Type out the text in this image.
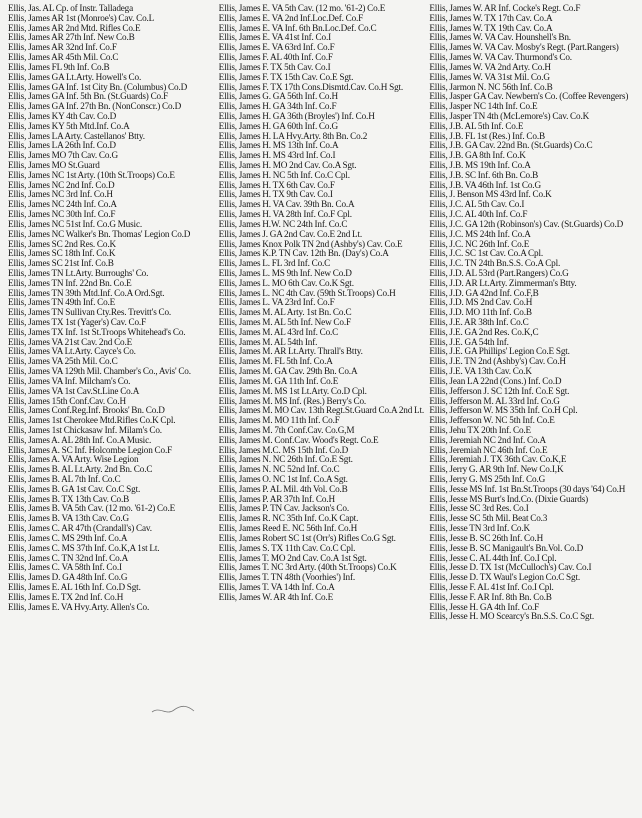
Ellis, Jas. AL Cp. of Instr. Talladega
Ellis, James AR 1st (Monroe's) Cav. Co.L
Ellis, James AR 2nd Mtd. Rifles Co.E
Ellis, James AR 27th Inf. New Co.B
Ellis, James AR 32nd Inf. Co.F
Ellis, James AR 45th Mil. Co.C
Ellis, James FL 9th Inf. Co.B
Ellis, James GA Lt.Arty. Howell's Co.
Ellis, James GA Inf. 1st City Bn. (Columbus) Co.D
Ellis, James GA Inf. 5th Bn. (St.Guards) Co.F
Ellis, James GA Inf. 27th Bn. (NonConscr.) Co.D
Ellis, James KY 4th Cav. Co.D
Ellis, James KY 5th Mtd.Inf. Co.A
Ellis, James LA Arty. Castellanos' Btty.
Ellis, James LA 26th Inf. Co.D
Ellis, James MO 7th Cav. Co.G
Ellis, James MO St.Guard
Ellis, James NC 1st Arty. (10th St.Troops) Co.E
Ellis, James NC 2nd Inf. Co.D
Ellis, James NC 3rd Inf. Co.H
Ellis, James NC 24th Inf. Co.A
Ellis, James NC 30th Inf. Co.F
Ellis, James NC 51st Inf. Co.G Music.
Ellis, James NC Walker's Bn. Thomas' Legion Co.D
Ellis, James SC 2nd Res. Co.K
Ellis, James SC 18th Inf. Co.K
Ellis, James SC 21st Inf. Co.B
Ellis, James TN Lt.Arty. Burroughs' Co.
Ellis, James TN Inf. 22nd Bn. Co.E
Ellis, James TN 39th Mtd.Inf. Co.A Ord.Sgt.
Ellis, James TN 49th Inf. Co.E
Ellis, James TN Sullivan Cty.Res. Trevitt's Co.
Ellis, James TX 1st (Yager's) Cav. Co.F
Ellis, James TX Inf. 1st St.Troops Whitehead's Co.
Ellis, James VA 21st Cav. 2nd Co.E
Ellis, James VA Lt.Arty. Cayce's Co.
Ellis, James VA 25th Mil. Co.C
Ellis, James VA 129th Mil. Chamber's Co., Avis' Co.
Ellis, James VA Inf. Milcham's Co.
Ellis, James VA 1st Cav.St.Line Co.A
Ellis, James 15th Conf.Cav. Co.H
Ellis, James Conf.Reg.Inf. Brooks' Bn. Co.D
Ellis, James 1st Cherokee Mtd.Rifles Co.K Cpl.
Ellis, James 1st Chickasaw Inf. Milam's Co.
Ellis, James A. AL 28th Inf. Co.A Music.
Ellis, James A. SC Inf. Holcombe Legion Co.F
Ellis, James A. VA Arty. Wise Legion
Ellis, James B. AL Lt.Arty. 2nd Bn. Co.C
Ellis, James B. AL 7th Inf. Co.C
Ellis, James B. GA 1st Cav. Co.C Sgt.
Ellis, James B. TX 13th Cav. Co.B
Ellis, James B. VA 5th Cav. (12 mo. '61-2) Co.E
Ellis, James B. VA 13th Cav. Co.G
Ellis, James C. AR 47th (Crandall's) Cav.
Ellis, James C. MS 29th Inf. Co.A
Ellis, James C. MS 37th Inf. Co.K,A 1st Lt.
Ellis, James C. TN 32nd Inf. Co.A
Ellis, James C. VA 58th Inf. Co.I
Ellis, James D. GA 48th Inf. Co.G
Ellis, James E. AL 16th Inf. Co.D Sgt.
Ellis, James E. TX 2nd Inf. Co.H
Ellis, James E. VA Hvy.Arty. Allen's Co.
Ellis, James E. VA 5th Cav. (12 mo. '61-2) Co.E
Ellis, James E. VA 2nd Inf.Loc.Def. Co.F
Ellis, James E. VA Inf. 6th Bn.Loc.Def. Co.C
Ellis, James E. VA 41st Inf. Co.I
Ellis, James E. VA 63rd Inf. Co.F
Ellis, James F. AL 40th Inf. Co.F
Ellis, James F. TX 5th Cav. Co.I
Ellis, James F. TX 15th Cav. Co.E Sgt.
Ellis, James F. TX 17th Cons.Dismtd.Cav. Co.H Sgt.
Ellis, James G. GA 56th Inf. Co.H
Ellis, James H. GA 34th Inf. Co.F
Ellis, James H. GA 36th (Broyles') Inf. Co.H
Ellis, James H. GA 60th Inf. Co.G
Ellis, James H. LA Hvy.Arty. 8th Bn. Co.2
Ellis, James H. MS 13th Inf. Co.A
Ellis, James H. MS 43rd Inf. Co.I
Ellis, James H. MO 2nd Cav. Co.A Sgt.
Ellis, James H. NC 5th Inf. Co.C Cpl.
Ellis, James H. TX 6th Cav. Co.F
Ellis, James H. TX 9th Cav. Co.I
Ellis, James H. VA Cav. 39th Bn. Co.A
Ellis, James H. VA 28th Inf. Co.F Cpl.
Ellis, James H.W. NC 24th Inf. Co.C
Ellis, James J. GA 2nd Cav. Co.E 2nd Lt.
Ellis, James Knox Polk TN 2nd (Ashby's) Cav. Co.E
Ellis, James K.P. TN Cav. 12th Bn. (Day's) Co.A
Ellis, James L. FL 3rd Inf. Co.C
Ellis, James L. MS 9th Inf. New Co.D
Ellis, James L. MO 6th Cav. Co.K Sgt.
Ellis, James L. NC 4th Cav. (59th St.Troops) Co.H
Ellis, James L. VA 23rd Inf. Co.F
Ellis, James M. AL Arty. 1st Bn. Co.C
Ellis, James M. AL 5th Inf. New Co.F
Ellis, James M. AL 43rd Inf. Co.C
Ellis, James M. AL 54th Inf.
Ellis, James M. AR Lt.Arty. Thrall's Btty.
Ellis, James M. FL 5th Inf. Co.A
Ellis, James M. GA Cav. 29th Bn. Co.A
Ellis, James M. GA 11th Inf. Co.E
Ellis, James M. MS 1st Lt.Arty. Co.D Cpl.
Ellis, James M. MS Inf. (Res.) Berry's Co.
Ellis, James M. MO Cav. 13th Regt.St.Guard Co.A 2nd Lt.
Ellis, James M. MO 11th Inf. Co.F
Ellis, James M. 7th Conf.Cav. Co.G,M
Ellis, James M. Conf.Cav. Wood's Regt. Co.E
Ellis, James M.C. MS 15th Inf. Co.D
Ellis, James N. NC 26th Inf. Co.E Sgt.
Ellis, James N. NC 52nd Inf. Co.C
Ellis, James O. NC 1st Inf. Co.A Sgt.
Ellis, James P. AL Mil. 4th Vol. Co.B
Ellis, James P. AR 37th Inf. Co.H
Ellis, James P. TN Cav. Jackson's Co.
Ellis, James R. NC 35th Inf. Co.K Capt.
Ellis, James Reed E. NC 56th Inf. Co.H
Ellis, James Robert SC 1st (Orr's) Rifles Co.G Sgt.
Ellis, James S. TX 11th Cav. Co.C Cpl.
Ellis, James T. MO 2nd Cav. Co.A 1st Sgt.
Ellis, James T. NC 3rd Arty. (40th St.Troops) Co.K
Ellis, James T. TN 48th (Voorhies') Inf.
Ellis, James T. VA 14th Inf. Co.A
Ellis, James W. AR 4th Inf. Co.E
Ellis, James W. AR Inf. Cocke's Regt. Co.F
Ellis, James W. TX 17th Cav. Co.A
Ellis, James W. TX 19th Cav. Co.A
Ellis, James W. VA Cav. Hounshell's Bn.
Ellis, James W. VA Cav. Mosby's Regt. (Part.Rangers)
Ellis, James W. VA Cav. Thurmond's Co.
Ellis, James W. VA 2nd Arty. Co.H
Ellis, James W. VA 31st Mil. Co.G
Ellis, Jarmon N. NC 56th Inf. Co.B
Ellis, Jasper GA Cav. Newbern's Co. (Coffee Revengers)
Ellis, Jasper NC 14th Inf. Co.E
Ellis, Jasper TN 4th (McLemore's) Cav. Co.K
Ellis, J.B. AL 5th Inf. Co.E
Ellis, J.B. FL 1st (Res.) Inf. Co.B
Ellis, J.B. GA Cav. 22nd Bn. (St.Guards) Co.C
Ellis, J.B. GA 8th Inf. Co.K
Ellis, J.B. MS 19th Inf. Co.A
Ellis, J.B. SC Inf. 6th Bn. Co.B
Ellis, J.B. VA 46th Inf. 1st Co.G
Ellis, J. Benson MS 43rd Inf. Co.K
Ellis, J.C. AL 5th Cav. Co.I
Ellis, J.C. AL 40th Inf. Co.F
Ellis, J.C. GA 12th (Robinson's) Cav. (St.Guards) Co.D
Ellis, J.C. MS 24th Inf. Co.A
Ellis, J.C. NC 26th Inf. Co.E
Ellis, J.C. SC 1st Cav. Co.A Cpl.
Ellis, J.C. TN 24th Bn.S.S. Co.A Cpl.
Ellis, J.D. AL 53rd (Part.Rangers) Co.G
Ellis, J.D. AR Lt.Arty. Zimmerman's Btty.
Ellis, J.D. GA 42nd Inf. Co.F,B
Ellis, J.D. MS 2nd Cav. Co.H
Ellis, J.D. MO 11th Inf. Co.B
Ellis, J.E. AR 38th Inf. Co.C
Ellis, J.E. GA 2nd Res. Co.K,C
Ellis, J.E. GA 54th Inf.
Ellis, J.E. GA Phillips' Legion Co.E Sgt.
Ellis, J.E. TN 2nd (Ashby's) Cav. Co.H
Ellis, J.E. VA 13th Cav. Co.K
Ellis, Jean LA 22nd (Cons.) Inf. Co.D
Ellis, Jefferson J. SC 12th Inf. Co.E Sgt.
Ellis, Jefferson M. AL 33rd Inf. Co.G
Ellis, Jefferson W. MS 35th Inf. Co.H Cpl.
Ellis, Jefferson W. NC 5th Inf. Co.E
Ellis, Jehu TX 20th Inf. Co.E
Ellis, Jeremiah NC 2nd Inf. Co.A
Ellis, Jeremiah NC 46th Inf. Co.E
Ellis, Jeremiah J. TX 36th Cav. Co.K,E
Ellis, Jerry G. AR 9th Inf. New Co.I,K
Ellis, Jerry G. MS 25th Inf. Co.G
Ellis, Jesse MS Inf. 1st Bn.St.Troops (30 days '64) Co.H
Ellis, Jesse MS Burt's Ind.Co. (Dixie Guards)
Ellis, Jesse SC 3rd Res. Co.I
Ellis, Jesse SC 5th Mil. Beat Co.3
Ellis, Jesse TN 3rd Inf. Co.K
Ellis, Jesse B. SC 26th Inf. Co.H
Ellis, Jesse B. SC Manigault's Bn.Vol. Co.D
Ellis, Jesse C. AL 44th Inf. Co.I Cpl.
Ellis, Jesse D. TX 1st (McCulloch's) Cav. Co.I
Ellis, Jesse D. TX Waul's Legion Co.C Sgt.
Ellis, Jesse F. AL 41st Inf. Co.I Cpl.
Ellis, Jesse F. AR Inf. 8th Bn. Co.B
Ellis, Jesse H. GA 4th Inf. Co.F
Ellis, Jesse H. MO Scearcy's Bn.S.S. Co.C Sgt.
